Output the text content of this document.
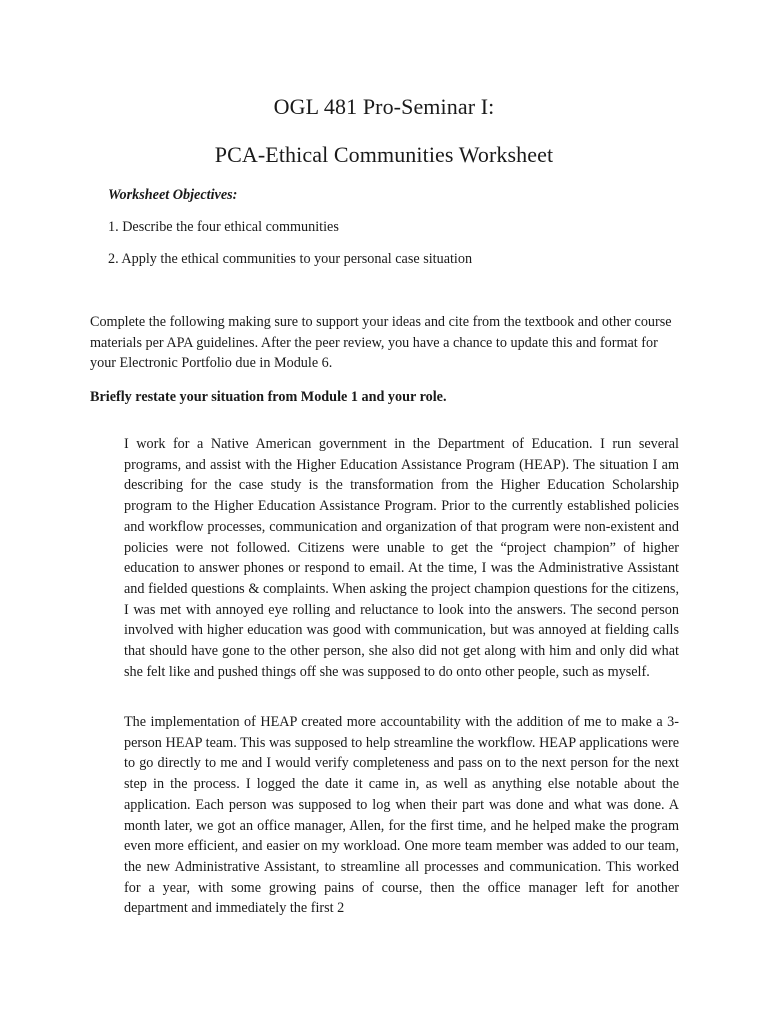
OGL 481 Pro-Seminar I:
PCA-Ethical Communities Worksheet
Worksheet Objectives:
1. Describe the four ethical communities
2. Apply the ethical communities to your personal case situation
Complete the following making sure to support your ideas and cite from the textbook and other course materials per APA guidelines. After the peer review, you have a chance to update this and format for your Electronic Portfolio due in Module 6.
Briefly restate your situation from Module 1 and your role.

I work for a Native American government in the Department of Education. I run several programs, and assist with the Higher Education Assistance Program (HEAP). The situation I am describing for the case study is the transformation from the Higher Education Scholarship program to the Higher Education Assistance Program. Prior to the currently established policies and workflow processes, communication and organization of that program were non-existent and policies were not followed. Citizens were unable to get the “project champion” of higher education to answer phones or respond to email. At the time, I was the Administrative Assistant and fielded questions & complaints. When asking the project champion questions for the citizens, I was met with annoyed eye rolling and reluctance to look into the answers. The second person involved with higher education was good with communication, but was annoyed at fielding calls that should have gone to the other person, she also did not get along with him and only did what she felt like and pushed things off she was supposed to do onto other people, such as myself.

The implementation of HEAP created more accountability with the addition of me to make a 3-person HEAP team. This was supposed to help streamline the workflow. HEAP applications were to go directly to me and I would verify completeness and pass on to the next person for the next step in the process. I logged the date it came in, as well as anything else notable about the application. Each person was supposed to log when their part was done and what was done. A month later, we got an office manager, Allen, for the first time, and he helped make the program even more efficient, and easier on my workload. One more team member was added to our team, the new Administrative Assistant, to streamline all processes and communication. This worked for a year, with some growing pains of course, then the office manager left for another department and immediately the first 2
